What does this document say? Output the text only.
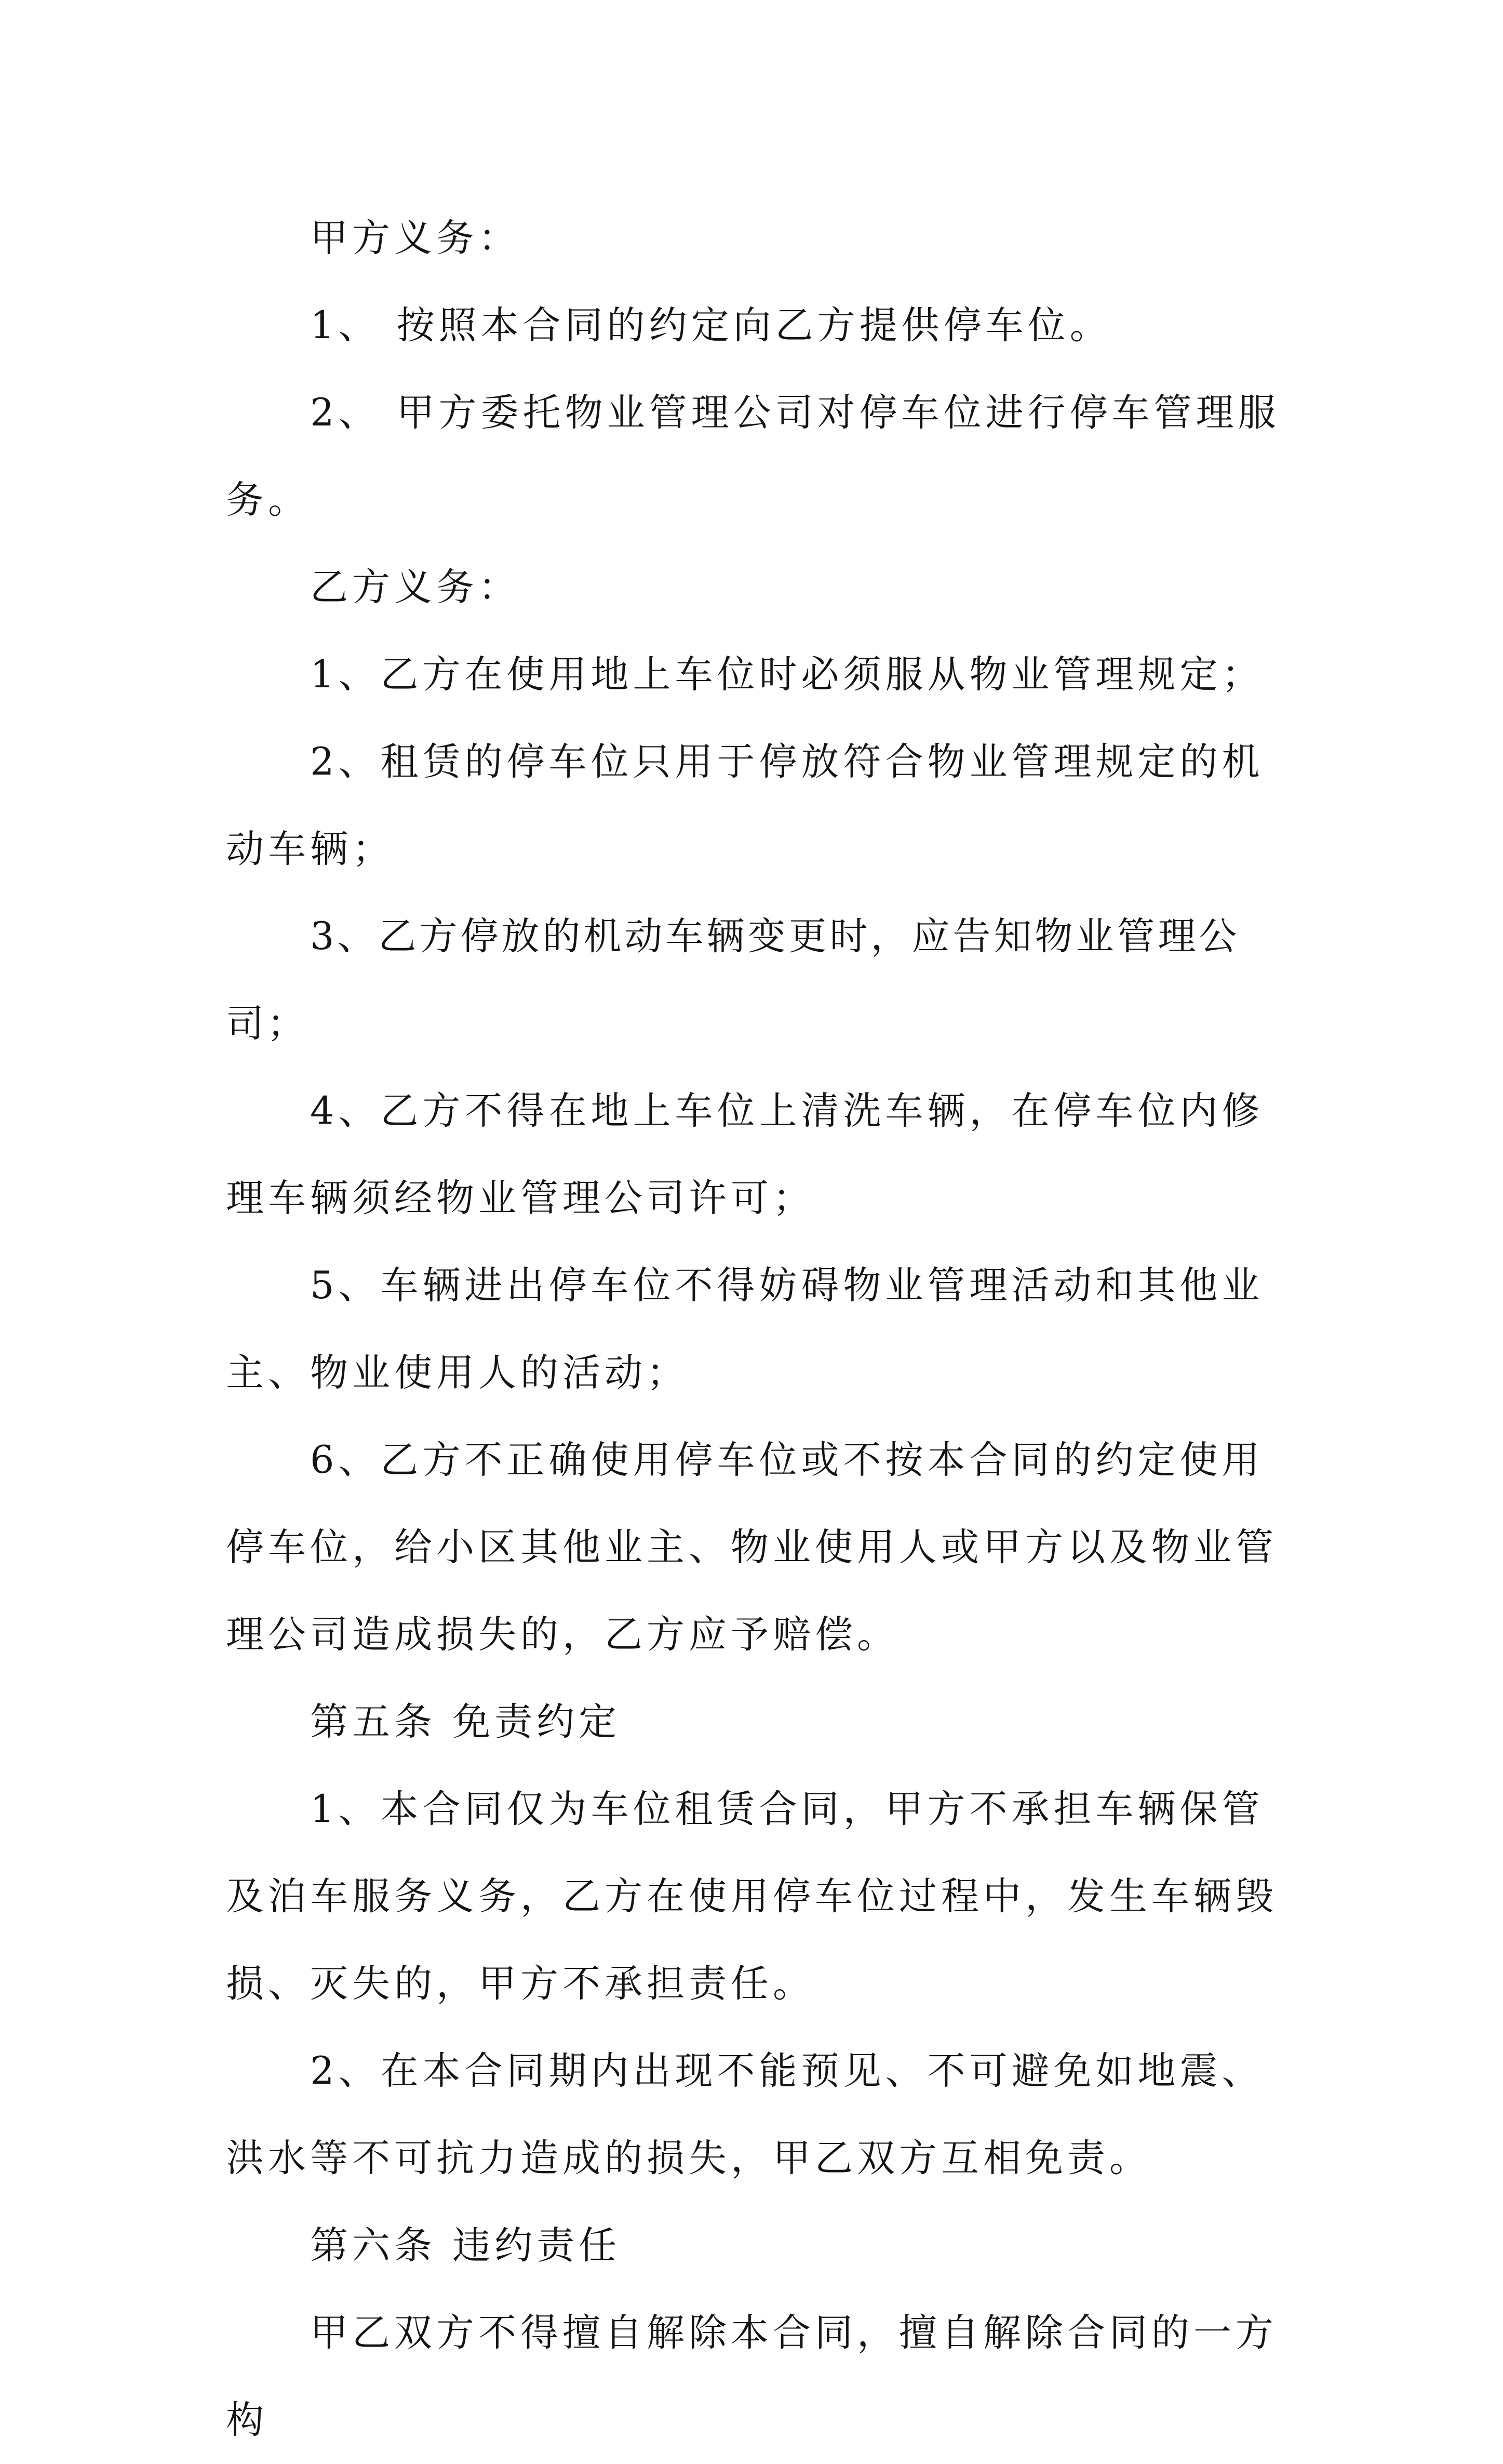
甲方义务：

1、 按照本合同的约定向乙方提供停车位。

2、 甲方委托物业管理公司对停车位进行停车管理服务。

乙方义务：

1、乙方在使用地上车位时必须服从物业管理规定；

2、租赁的停车位只用于停放符合物业管理规定的机动车辆；

3、乙方停放的机动车辆变更时，应告知物业管理公司；

4、乙方不得在地上车位上清洗车辆，在停车位内修理车辆须经物业管理公司许可；

5、车辆进出停车位不得妨碍物业管理活动和其他业主、物业使用人的活动；

6、乙方不正确使用停车位或不按本合同的约定使用停车位，给小区其他业主、物业使用人或甲方以及物业管理公司造成损失的，乙方应予赔偿。

第五条 免责约定

1、本合同仅为车位租赁合同，甲方不承担车辆保管及泊车服务义务，乙方在使用停车位过程中，发生车辆毁损、灭失的，甲方不承担责任。

2、在本合同期内出现不能预见、不可避免如地震、洪水等不可抗力造成的损失，甲乙双方互相免责。

第六条 违约责任

甲乙双方不得擅自解除本合同，擅自解除合同的一方构
